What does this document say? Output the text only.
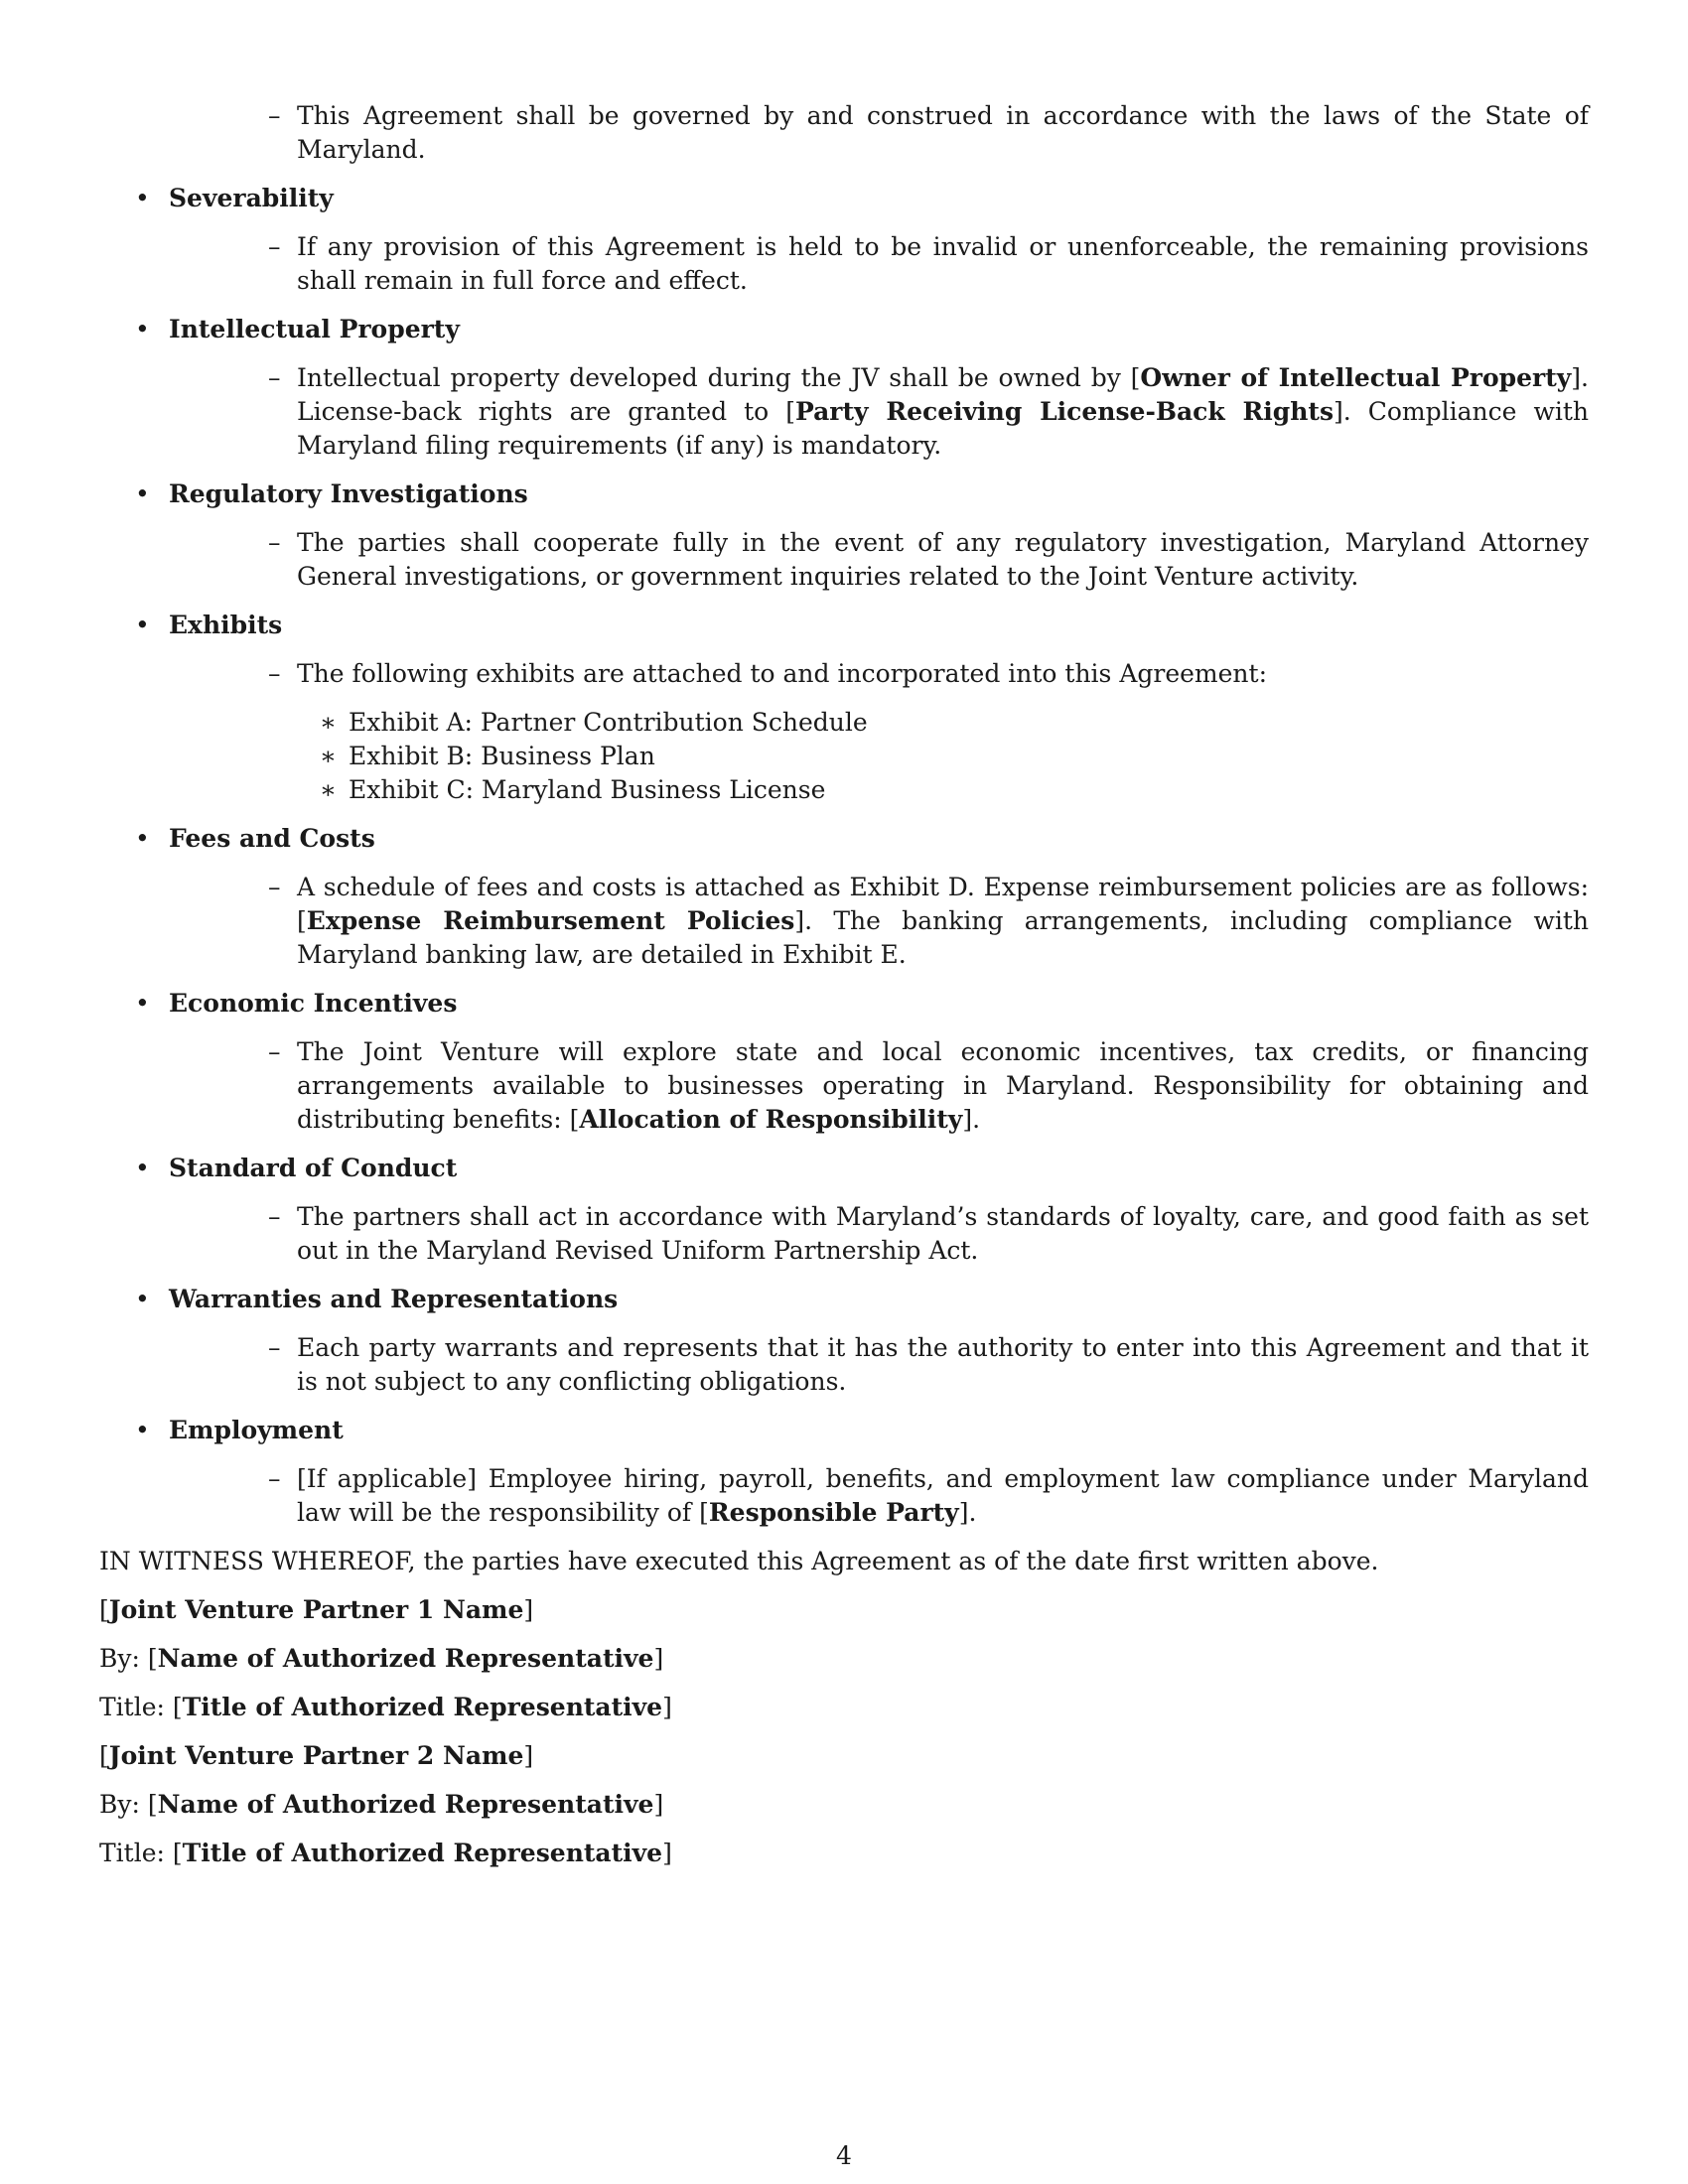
– This Agreement shall be governed by and construed in accordance with the laws of the State of Maryland.

• Severability

– If any provision of this Agreement is held to be invalid or unenforceable, the remaining provisions shall remain in full force and effect.

• Intellectual Property

– Intellectual property developed during the JV shall be owned by [Owner of Intellectual Property]. License-back rights are granted to [Party Receiving License-Back Rights]. Compliance with Maryland filing requirements (if any) is mandatory.

• Regulatory Investigations

– The parties shall cooperate fully in the event of any regulatory investigation, Maryland Attorney General investigations, or government inquiries related to the Joint Venture activity.

• Exhibits

– The following exhibits are attached to and incorporated into this Agreement:

∗ Exhibit A: Partner Contribution Schedule

∗ Exhibit B: Business Plan

∗ Exhibit C: Maryland Business License

• Fees and Costs

– A schedule of fees and costs is attached as Exhibit D. Expense reimbursement policies are as follows: [Expense Reimbursement Policies]. The banking arrangements, including compliance with Maryland banking law, are detailed in Exhibit E.

• Economic Incentives

– The Joint Venture will explore state and local economic incentives, tax credits, or financing arrangements available to businesses operating in Maryland. Responsibility for obtaining and distributing benefits: [Allocation of Responsibility].

• Standard of Conduct

– The partners shall act in accordance with Maryland’s standards of loyalty, care, and good faith as set out in the Maryland Revised Uniform Partnership Act.

• Warranties and Representations

– Each party warrants and represents that it has the authority to enter into this Agreement and that it is not subject to any conflicting obligations.

• Employment

– [If applicable] Employee hiring, payroll, benefits, and employment law compliance under Maryland law will be the responsibility of [Responsible Party].

IN WITNESS WHEREOF, the parties have executed this Agreement as of the date first written above.

[Joint Venture Partner 1 Name]

By: [Name of Authorized Representative]

Title: [Title of Authorized Representative]

[Joint Venture Partner 2 Name]

By: [Name of Authorized Representative]

Title: [Title of Authorized Representative]

4
